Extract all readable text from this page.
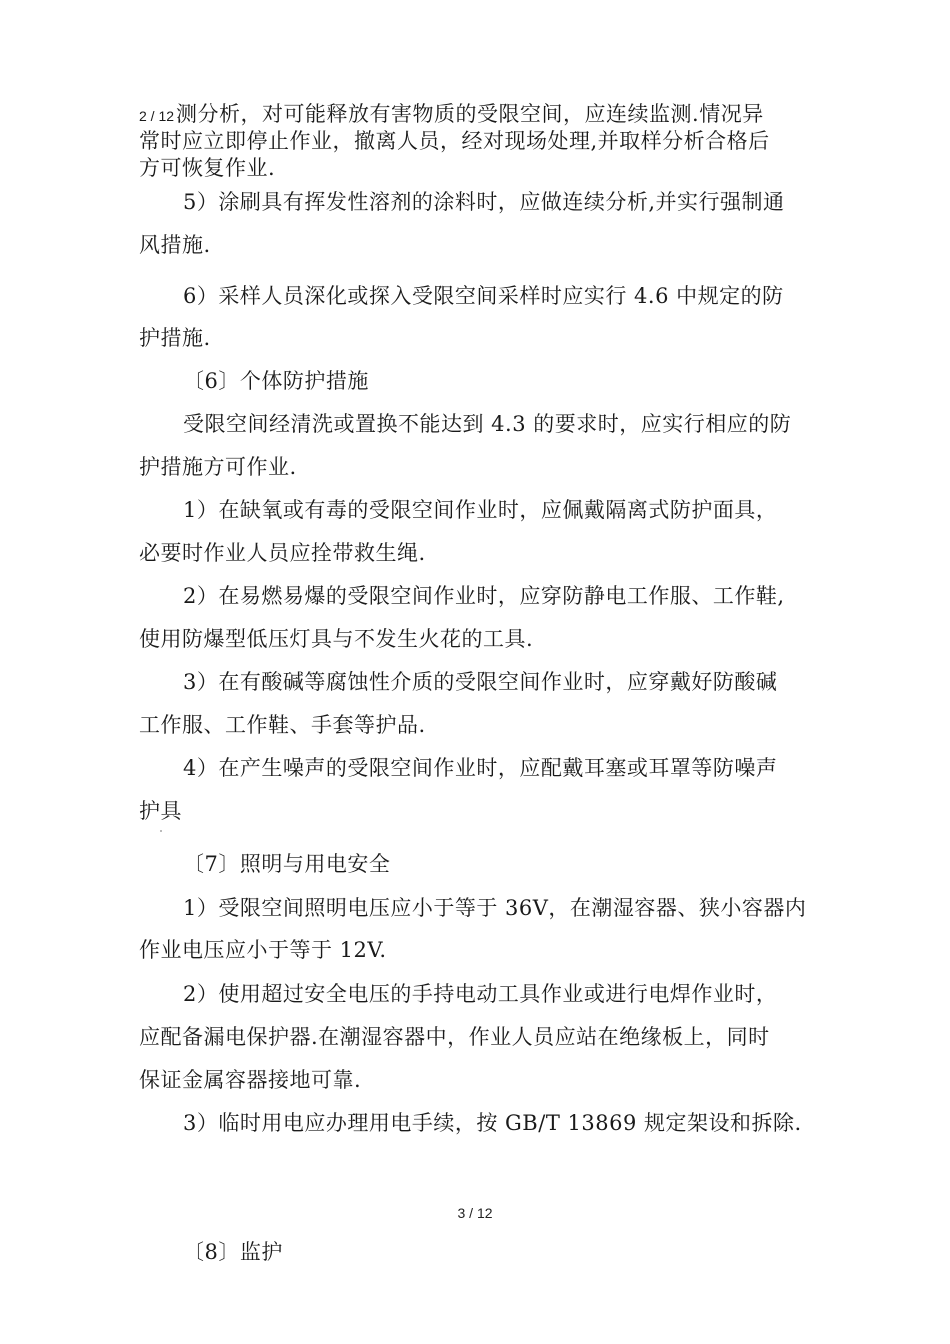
2 / 12测分析，对可能释放有害物质的受限空间，应连续监测.情况异
常时应立即停止作业，撤离人员，经对现场处理,并取样分析合格后
方可恢复作业.
5）涂刷具有挥发性溶剂的涂料时，应做连续分析,并实行强制通
风措施.
6）采样人员深化或探入受限空间采样时应实行 4.6 中规定的防
护措施.
〔6〕个体防护措施
受限空间经清洗或置换不能达到 4.3 的要求时，应实行相应的防
护措施方可作业.
1）在缺氧或有毒的受限空间作业时，应佩戴隔离式防护面具，
必要时作业人员应拴带救生绳.
2）在易燃易爆的受限空间作业时，应穿防静电工作服、工作鞋,
使用防爆型低压灯具与不发生火花的工具.
3）在有酸碱等腐蚀性介质的受限空间作业时，应穿戴好防酸碱
工作服、工作鞋、手套等护品.
4）在产生噪声的受限空间作业时，应配戴耳塞或耳罩等防噪声
护具
〔7〕照明与用电安全
1）受限空间照明电压应小于等于 36V，在潮湿容器、狭小容器内
作业电压应小于等于 12V.
2）使用超过安全电压的手持电动工具作业或进行电焊作业时，
应配备漏电保护器.在潮湿容器中，作业人员应站在绝缘板上，同时
保证金属容器接地可靠.
3）临时用电应办理用电手续，按 GB/T 13869 规定架设和拆除.
3 / 12
〔8〕监护
